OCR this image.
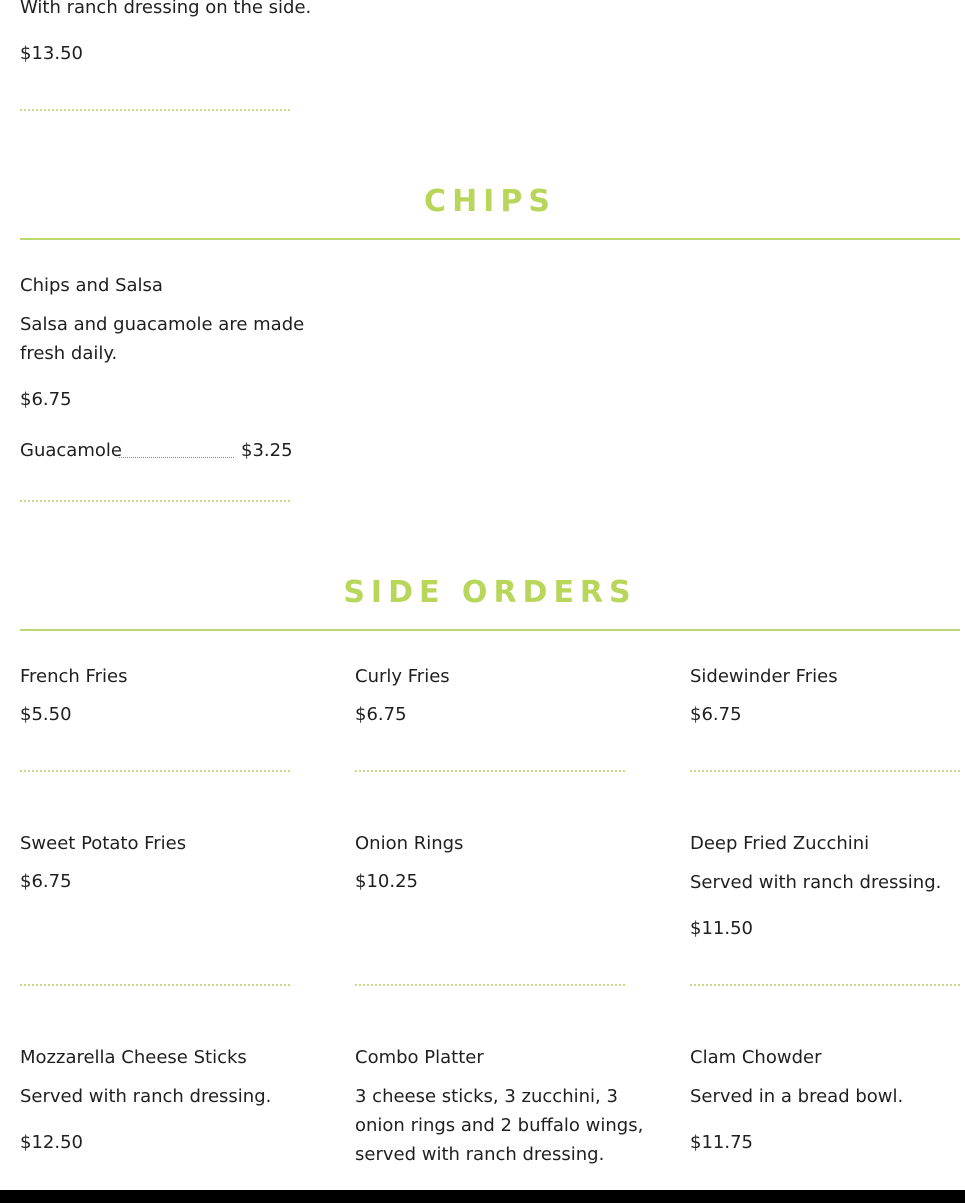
With ranch dressing on the side.
$13.50
CHIPS
Chips and Salsa
Salsa and guacamole are made fresh daily.
$6.75
Guacamole	$3.25
SIDE ORDERS
French Fries
$5.50
Curly Fries
$6.75
Sidewinder Fries
$6.75
Sweet Potato Fries
$6.75
Onion Rings
$10.25
Deep Fried Zucchini
Served with ranch dressing.
$11.50
Mozzarella Cheese Sticks
Served with ranch dressing.
$12.50
Combo Platter
3 cheese sticks, 3 zucchini, 3 onion rings and 2 buffalo wings, served with ranch dressing.
Clam Chowder
Served in a bread bowl.
$11.75
